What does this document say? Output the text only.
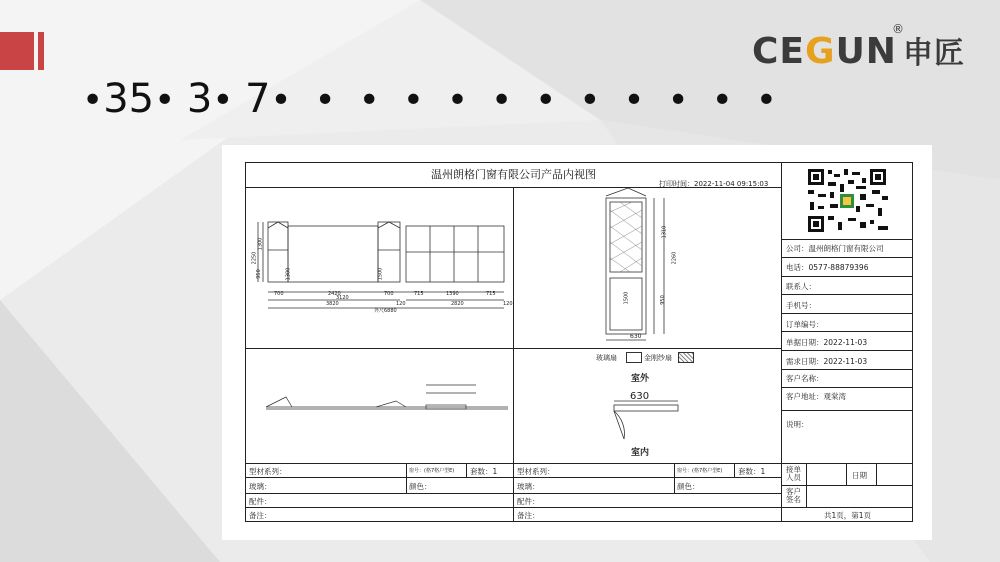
CEGUN
®
申匠
•35• 3• 7•  •  •  •  •  •  •  •  •  •  •  •
温州朗格门窗有限公司产品内视图
打印时间：2022-11-04 09:15:03
700	2420	700	715	1390	715
3120
3820	120	2820	120
外尺6880
2250
1300
950	1300	1500
1310
2260
950
1500
630
玻璃扇	金刚纱扇
室外
630
室内
型材系列：	窗号：(格7格户型E) 套数：1
玻璃：	颜色：
配件：
备注：
型材系列：	窗号：(格7格户型E) 套数：1
玻璃：	颜色：
配件：
备注：
公司：温州朗格门窗有限公司
电话：0577-88879396
联系人：
手机号：
订单编号：
单据日期：2022-11-03
需求日期：2022-11-03
客户名称：
客户地址：观棠湾
说明：
接单人员	日期
客户签名
共1页，第1页
